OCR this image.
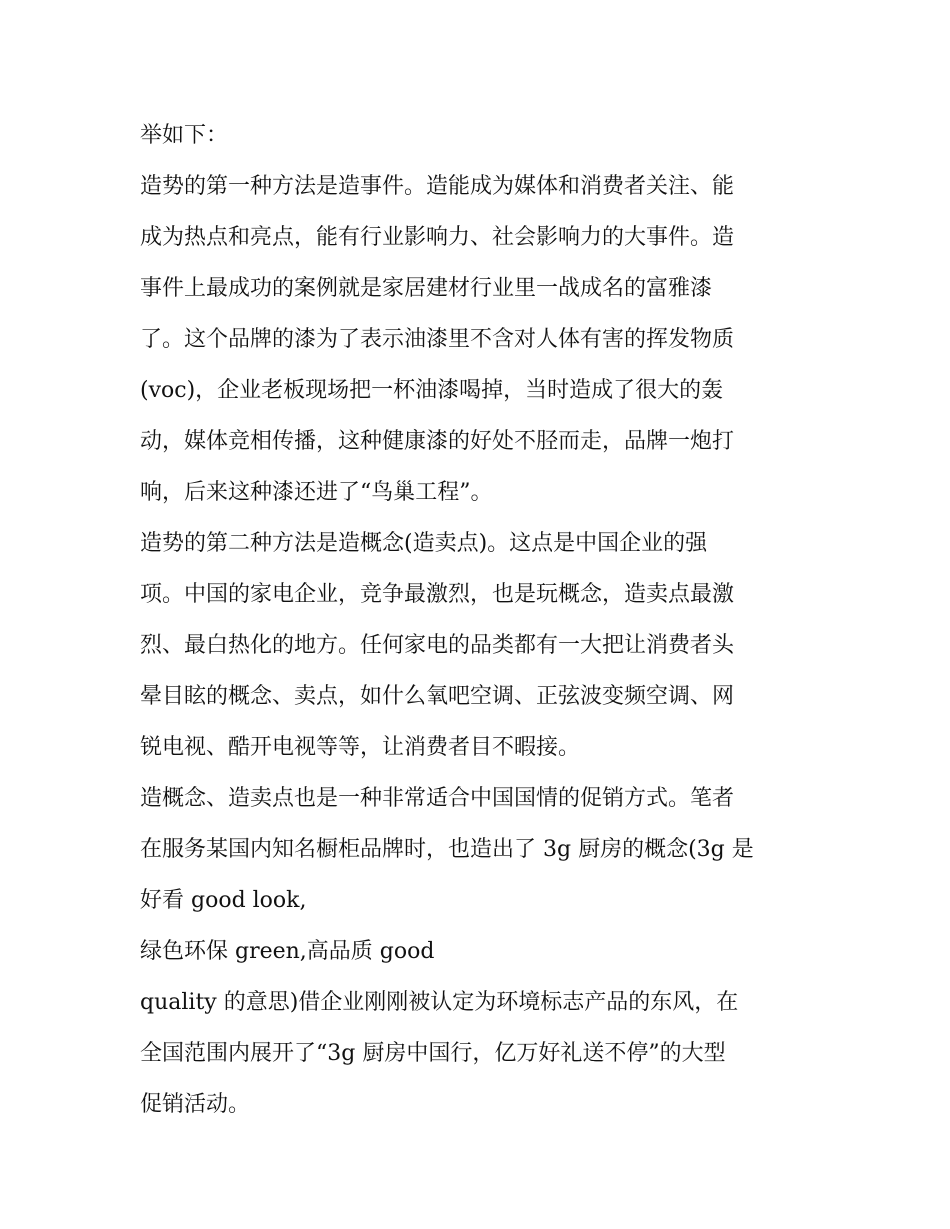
举如下：
造势的第一种方法是造事件。造能成为媒体和消费者关注、能
成为热点和亮点，能有行业影响力、社会影响力的大事件。造
事件上最成功的案例就是家居建材行业里一战成名的富雅漆
了。这个品牌的漆为了表示油漆里不含对人体有害的挥发物质
(voc)，企业老板现场把一杯油漆喝掉，当时造成了很大的轰
动，媒体竞相传播，这种健康漆的好处不胫而走，品牌一炮打
响，后来这种漆还进了“鸟巢工程”。
造势的第二种方法是造概念(造卖点)。这点是中国企业的强
项。中国的家电企业，竞争最激烈，也是玩概念，造卖点最激
烈、最白热化的地方。任何家电的品类都有一大把让消费者头
晕目眩的概念、卖点，如什么氧吧空调、正弦波变频空调、网
锐电视、酷开电视等等，让消费者目不暇接。
造概念、造卖点也是一种非常适合中国国情的促销方式。笔者
在服务某国内知名橱柜品牌时，也造出了 3g 厨房的概念(3g 是
好看 good look,
绿色环保 green,高品质 good
quality 的意思)借企业刚刚被认定为环境标志产品的东风，在
全国范围内展开了“3g 厨房中国行，亿万好礼送不停”的大型
促销活动。
